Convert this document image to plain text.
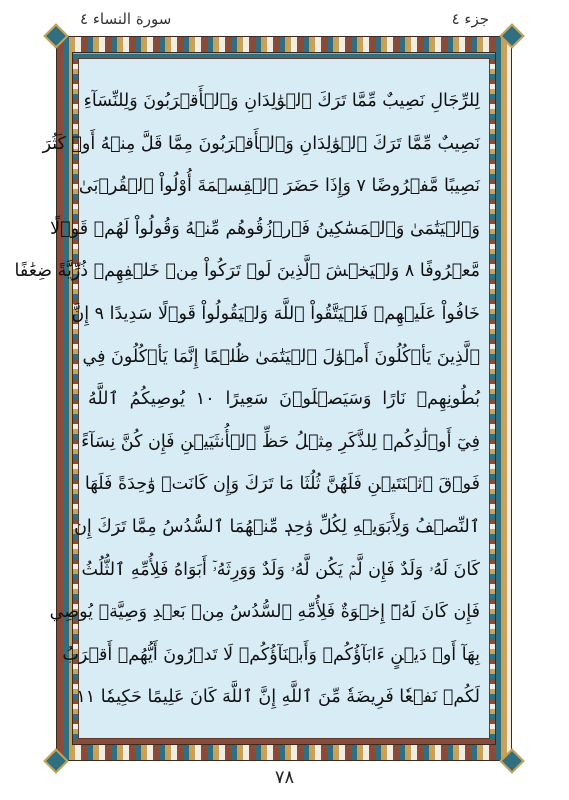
سورة النساء ٤	جزء ٤
لِلرِّجَالِ نَصِيبٌ مِّمَّا تَرَكَ ٱلۡوَٰلِدَانِ وَٱلۡأَقۡرَبُونَ وَلِلنِّسَآءِ
نَصِيبٌ مِّمَّا تَرَكَ ٱلۡوَٰلِدَانِ وَٱلۡأَقۡرَبُونَ مِمَّا قَلَّ مِنۡهُ أَوۡ كَثُرَ
نَصِيبًا مَّفۡرُوضًا ٧ وَإِذَا حَضَرَ ٱلۡقِسۡمَةَ أُوْلُواْ ٱلۡقُرۡبَىٰ
وَٱلۡيَتَٰمَىٰ وَٱلۡمَسَٰكِينُ فَٱرۡزُقُوهُم مِّنۡهُ وَقُولُواْ لَهُمۡ قَوۡلًا
مَّعۡرُوفًا ٨ وَلۡيَخۡشَ ٱلَّذِينَ لَوۡ تَرَكُواْ مِنۡ خَلۡفِهِمۡ ذُرِّيَّةً ضِعَٰفًا
خَافُواْ عَلَيۡهِمۡ فَلۡيَتَّقُواْ ٱللَّهَ وَلۡيَقُولُواْ قَوۡلًا سَدِيدًا ٩ إِنَّ
ٱلَّذِينَ يَأۡكُلُونَ أَمۡوَٰلَ ٱلۡيَتَٰمَىٰ ظُلۡمًا إِنَّمَا يَأۡكُلُونَ فِي
بُطُونِهِمۡ نَارًا وَسَيَصۡلَوۡنَ سَعِيرًا ١٠ يُوصِيكُمُ ٱللَّهُ
فِيٓ أَوۡلَٰدِكُمۡ لِلذَّكَرِ مِثۡلُ حَظِّ ٱلۡأُنثَيَيۡنِ فَإِن كُنَّ نِسَآءً
فَوۡقَ ٱثۡنَتَيۡنِ فَلَهُنَّ ثُلُثَا مَا تَرَكَ وَإِن كَانَتۡ وَٰحِدَةً فَلَهَا
ٱلنِّصۡفُ وَلِأَبَوَيۡهِ لِكُلِّ وَٰحِدٖ مِّنۡهُمَا ٱلسُّدُسُ مِمَّا تَرَكَ إِن
كَانَ لَهُۥ وَلَدٌ فَإِن لَّمۡ يَكُن لَّهُۥ وَلَدٌ وَوَرِثَهُۥٓ أَبَوَاهُ فَلِأُمِّهِ ٱلثُّلُثُ
فَإِن كَانَ لَهُۥٓ إِخۡوَةٌ فَلِأُمِّهِ ٱلسُّدُسُ مِنۢ بَعۡدِ وَصِيَّةٖ يُوصِي
بِهَآ أَوۡ دَيۡنٍ ءَابَآؤُكُمۡ وَأَبۡنَآؤُكُمۡ لَا تَدۡرُونَ أَيُّهُمۡ أَقۡرَبُ
لَكُمۡ نَفۡعٗا فَرِيضَةٗ مِّنَ ٱللَّهِ إِنَّ ٱللَّهَ كَانَ عَلِيمًا حَكِيمٗا ١١
٧٨
